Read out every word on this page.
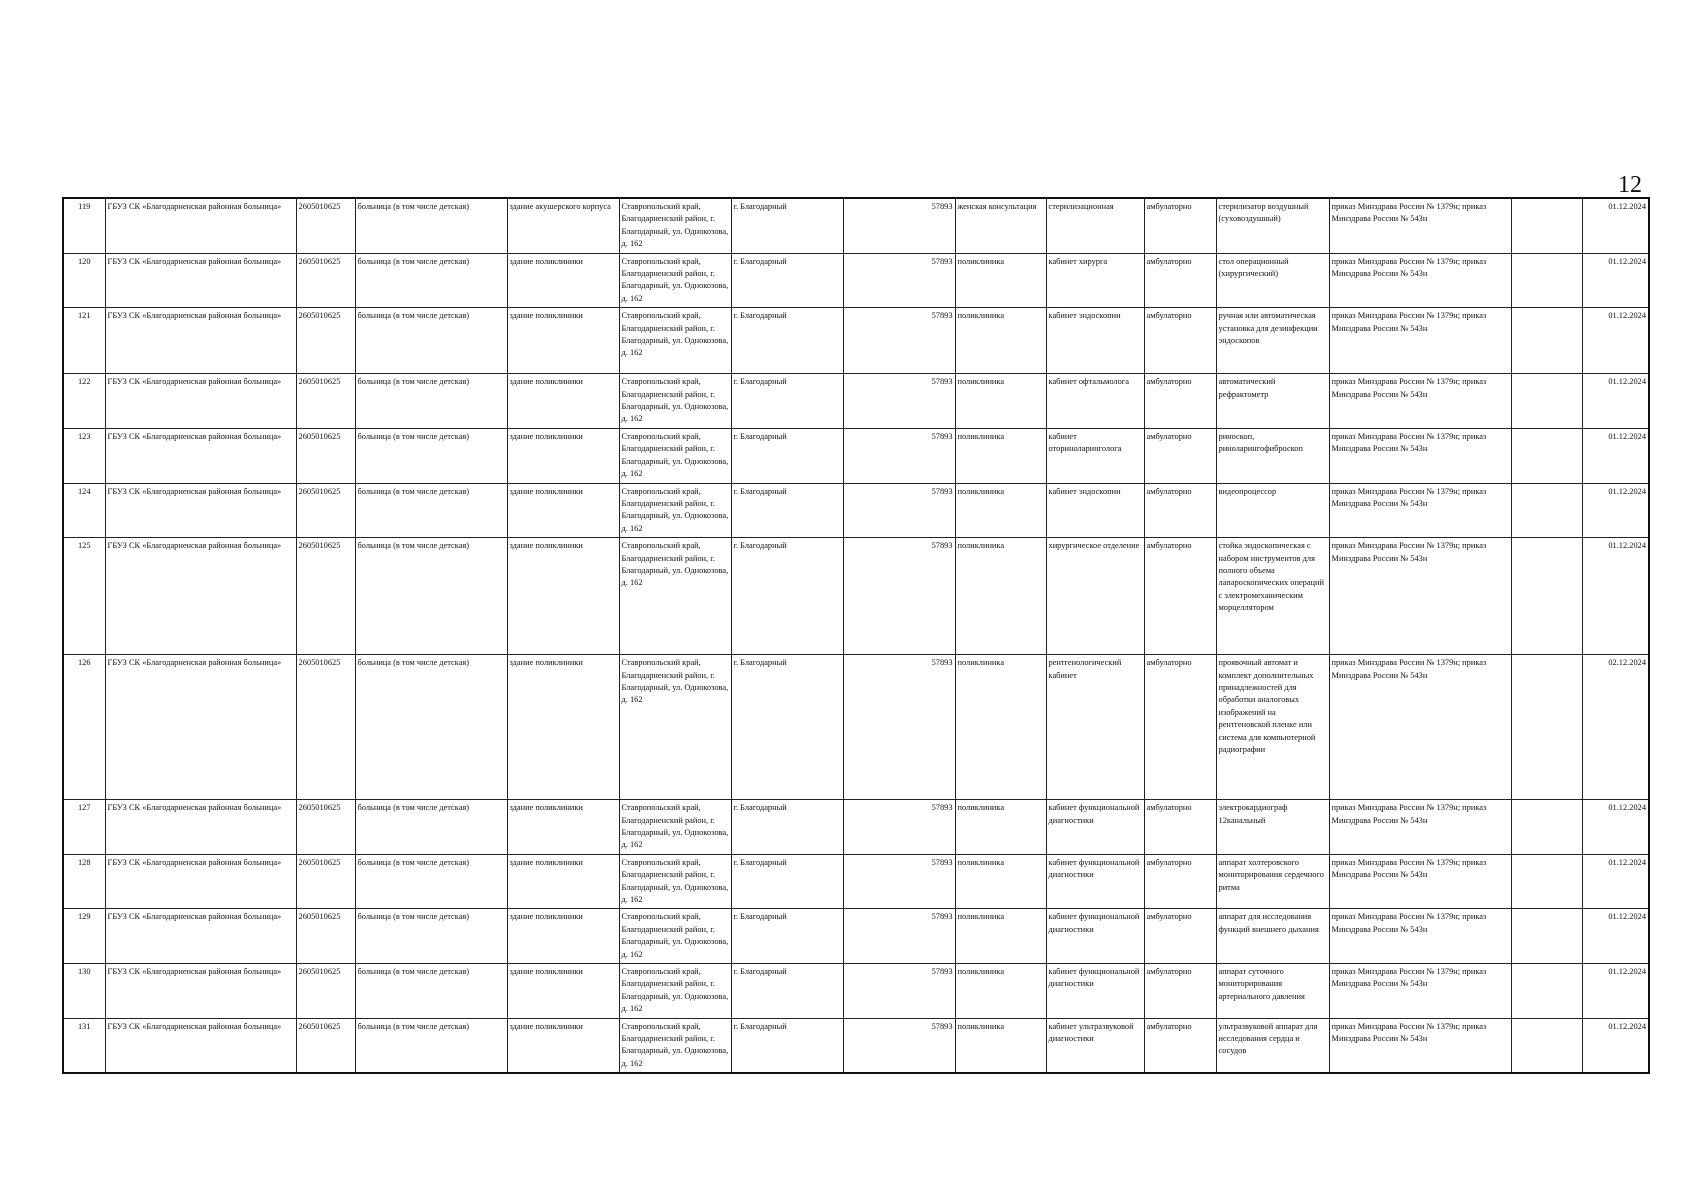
12
119	ГБУЗ СК «Благодарненская районная больница»	2605010625	больница (в том числе детская)	здание акушерского корпуса	Ставропольский край, Благодарненский район, г. Благодарный, ул. Однокозова, д. 162	г. Благодарный	57893	женская консультация	стерилизационная	амбулаторно	стерилизатор воздушный (суховоздушный)	приказ Минздрава России № 1379н; приказ Минздрава России № 543н			01.12.2024
120	ГБУЗ СК «Благодарненская районная больница»	2605010625	больница (в том числе детская)	здание поликлиники	Ставропольский край, Благодарненский район, г. Благодарный, ул. Однокозова, д. 162	г. Благодарный	57893	поликлиника	кабинет хирурга	амбулаторно	стол операционный (хирургический)	приказ Минздрава России № 1379н; приказ Минздрава России № 543н			01.12.2024
121	ГБУЗ СК «Благодарненская районная больница»	2605010625	больница (в том числе детская)	здание поликлиники	Ставропольский край, Благодарненский район, г. Благодарный, ул. Однокозова, д. 162	г. Благодарный	57893	поликлиника	кабинет эндоскопии	амбулаторно	ручная или автоматическая установка для дезинфекции эндоскопов	приказ Минздрава России № 1379н; приказ Минздрава России № 543н			01.12.2024
122	ГБУЗ СК «Благодарненская районная больница»	2605010625	больница (в том числе детская)	здание поликлиники	Ставропольский край, Благодарненский район, г. Благодарный, ул. Однокозова, д. 162	г. Благодарный	57893	поликлиника	кабинет офтальмолога	амбулаторно	автоматический рефрактометр	приказ Минздрава России № 1379н; приказ Минздрава России № 543н			01.12.2024
123	ГБУЗ СК «Благодарненская районная больница»	2605010625	больница (в том числе детская)	здание поликлиники	Ставропольский край, Благодарненский район, г. Благодарный, ул. Однокозова, д. 162	г. Благодарный	57893	поликлиника	кабинет оториноларинголога	амбулаторно	риноскоп, риноларингофиброскоп	приказ Минздрава России № 1379н; приказ Минздрава России № 543н			01.12.2024
124	ГБУЗ СК «Благодарненская районная больница»	2605010625	больница (в том числе детская)	здание поликлиники	Ставропольский край, Благодарненский район, г. Благодарный, ул. Однокозова, д. 162	г. Благодарный	57893	поликлиника	кабинет эндоскопии	амбулаторно	видеопроцессор	приказ Минздрава России № 1379н; приказ Минздрава России № 543н			01.12.2024
125	ГБУЗ СК «Благодарненская районная больница»	2605010625	больница (в том числе детская)	здание поликлиники	Ставропольский край, Благодарненский район, г. Благодарный, ул. Однокозова, д. 162	г. Благодарный	57893	поликлиника	хирургическое отделение	амбулаторно	стойка эндоскопическая с набором инструментов для полного объема лапароскопических операций с электромеханическим морцеллятором	приказ Минздрава России № 1379н; приказ Минздрава России № 543н			01.12.2024
126	ГБУЗ СК «Благодарненская районная больница»	2605010625	больница (в том числе детская)	здание поликлиники	Ставропольский край, Благодарненский район, г. Благодарный, ул. Однокозова, д. 162	г. Благодарный	57893	поликлиника	рентгенологический кабинет	амбулаторно	проявочный автомат и комплект дополнительных принадлежностей для обработки аналоговых изображений на рентгеновской пленке или система для компьютерной радиографии	приказ Минздрава России № 1379н; приказ Минздрава России № 543н			02.12.2024
127	ГБУЗ СК «Благодарненская районная больница»	2605010625	больница (в том числе детская)	здание поликлиники	Ставропольский край, Благодарненский район, г. Благодарный, ул. Однокозова, д. 162	г. Благодарный	57893	поликлиника	кабинет функциональной диагностики	амбулаторно	электрокардиограф 12канальный	приказ Минздрава России № 1379н; приказ Минздрава России № 543н			01.12.2024
128	ГБУЗ СК «Благодарненская районная больница»	2605010625	больница (в том числе детская)	здание поликлиники	Ставропольский край, Благодарненский район, г. Благодарный, ул. Однокозова, д. 162	г. Благодарный	57893	поликлиника	кабинет функциональной диагностики	амбулаторно	аппарат холтеровского мониторирования сердечного ритма	приказ Минздрава России № 1379н; приказ Минздрава России № 543н			01.12.2024
129	ГБУЗ СК «Благодарненская районная больница»	2605010625	больница (в том числе детская)	здание поликлиники	Ставропольский край, Благодарненский район, г. Благодарный, ул. Однокозова, д. 162	г. Благодарный	57893	поликлиника	кабинет функциональной диагностики	амбулаторно	аппарат для исследования функций внешнего дыхания	приказ Минздрава России № 1379н; приказ Минздрава России № 543н			01.12.2024
130	ГБУЗ СК «Благодарненская районная больница»	2605010625	больница (в том числе детская)	здание поликлиники	Ставропольский край, Благодарненский район, г. Благодарный, ул. Однокозова, д. 162	г. Благодарный	57893	поликлиника	кабинет функциональной диагностики	амбулаторно	аппарат суточного мониторирования артериального давления	приказ Минздрава России № 1379н; приказ Минздрава России № 543н			01.12.2024
131	ГБУЗ СК «Благодарненская районная больница»	2605010625	больница (в том числе детская)	здание поликлиники	Ставропольский край, Благодарненский район, г. Благодарный, ул. Однокозова, д. 162	г. Благодарный	57893	поликлиника	кабинет ультразвуковой диагностики	амбулаторно	ультразвуковой аппарат для исследования сердца и сосудов	приказ Минздрава России № 1379н; приказ Минздрава России № 543н			01.12.2024
